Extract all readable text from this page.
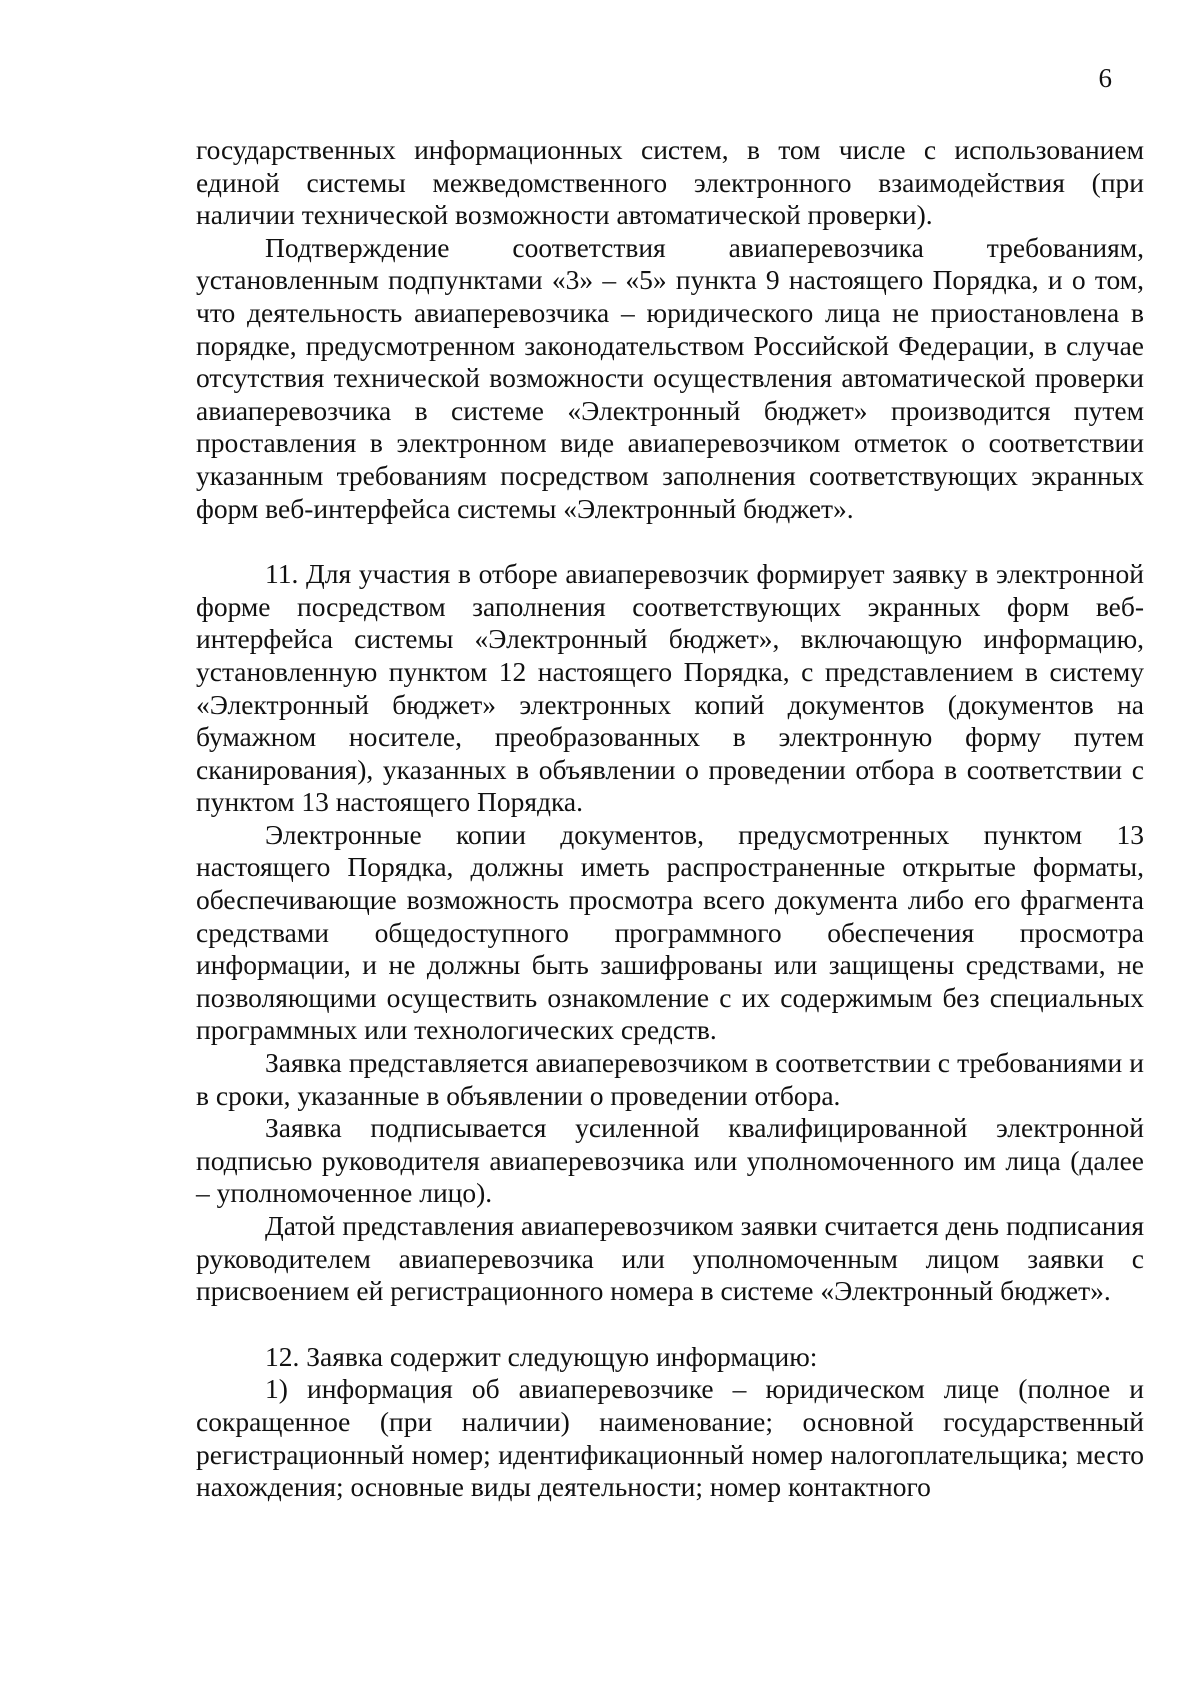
6

государственных информационных систем, в том числе с использованием единой системы межведомственного электронного взаимодействия (при наличии технической возможности автоматической проверки).

Подтверждение соответствия авиаперевозчика требованиям, установленным подпунктами «3» – «5» пункта 9 настоящего Порядка, и о том, что деятельность авиаперевозчика – юридического лица не приостановлена в порядке, предусмотренном законодательством Российской Федерации, в случае отсутствия технической возможности осуществления автоматической проверки авиаперевозчика в системе «Электронный бюджет» производится путем проставления в электронном виде авиаперевозчиком отметок о соответствии указанным требованиям посредством заполнения соответствующих экранных форм веб-интерфейса системы «Электронный бюджет».

11. Для участия в отборе авиаперевозчик формирует заявку в электронной форме посредством заполнения соответствующих экранных форм веб-интерфейса системы «Электронный бюджет», включающую информацию, установленную пунктом 12 настоящего Порядка, с представлением в систему «Электронный бюджет» электронных копий документов (документов на бумажном носителе, преобразованных в электронную форму путем сканирования), указанных в объявлении о проведении отбора в соответствии с пунктом 13 настоящего Порядка.

Электронные копии документов, предусмотренных пунктом 13 настоящего Порядка, должны иметь распространенные открытые форматы, обеспечивающие возможность просмотра всего документа либо его фрагмента средствами общедоступного программного обеспечения просмотра информации, и не должны быть зашифрованы или защищены средствами, не позволяющими осуществить ознакомление с их содержимым без специальных программных или технологических средств.

Заявка представляется авиаперевозчиком в соответствии с требованиями и в сроки, указанные в объявлении о проведении отбора.

Заявка подписывается усиленной квалифицированной электронной подписью руководителя авиаперевозчика или уполномоченного им лица (далее – уполномоченное лицо).

Датой представления авиаперевозчиком заявки считается день подписания руководителем авиаперевозчика или уполномоченным лицом заявки с присвоением ей регистрационного номера в системе «Электронный бюджет».

12. Заявка содержит следующую информацию:

1) информация об авиаперевозчике – юридическом лице (полное и сокращенное (при наличии) наименование; основной государственный регистрационный номер; идентификационный номер налогоплательщика; место нахождения; основные виды деятельности; номер контактного
